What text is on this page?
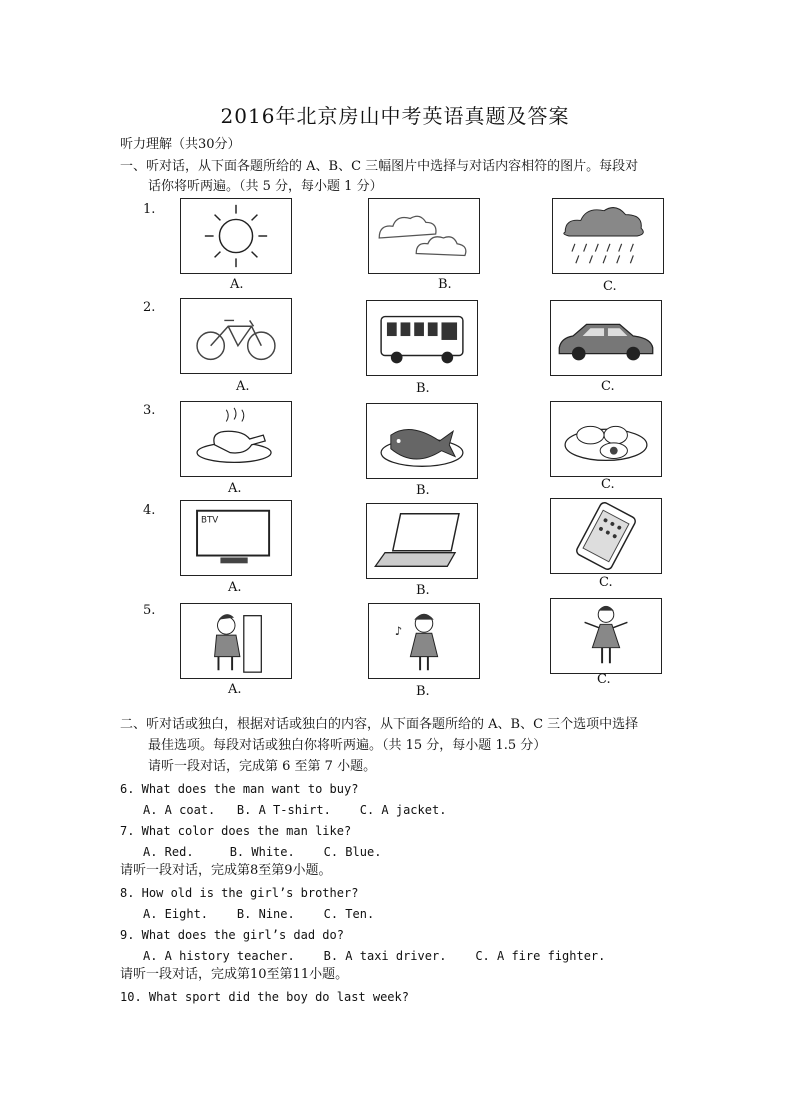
2016年北京房山中考英语真题及答案
听力理解（共30分）
一、听对话，从下面各题所给的 A、B、C 三幅图片中选择与对话内容相符的图片。每段对
话你将听两遍。（共 5 分，每小题 1 分）
1.
A.	B.	C.
2.
A.	B.	C.
3.
A.	B.	C.
4.
BTV
A.	B.
C.
5.
A.
♪
B.
C.
二、听对话或独白，根据对话或独白的内容，从下面各题所给的 A、B、C 三个选项中选择
最佳选项。每段对话或独白你将听两遍。（共 15 分，每小题 1.5 分）
请听一段对话，完成第 6 至第 7 小题。
6. What does the man want to buy?
A. A coat.   B. A T-shirt.    C. A jacket.
7. What color does the man like?
A. Red.     B. White.    C. Blue.
请听一段对话，完成第8至第9小题。
8. How old is the girl’s brother?
A. Eight.    B. Nine.    C. Ten.
9. What does the girl’s dad do?
A. A history teacher.    B. A taxi driver.    C. A fire fighter.
请听一段对话，完成第10至第11小题。
10. What sport did the boy do last week?
